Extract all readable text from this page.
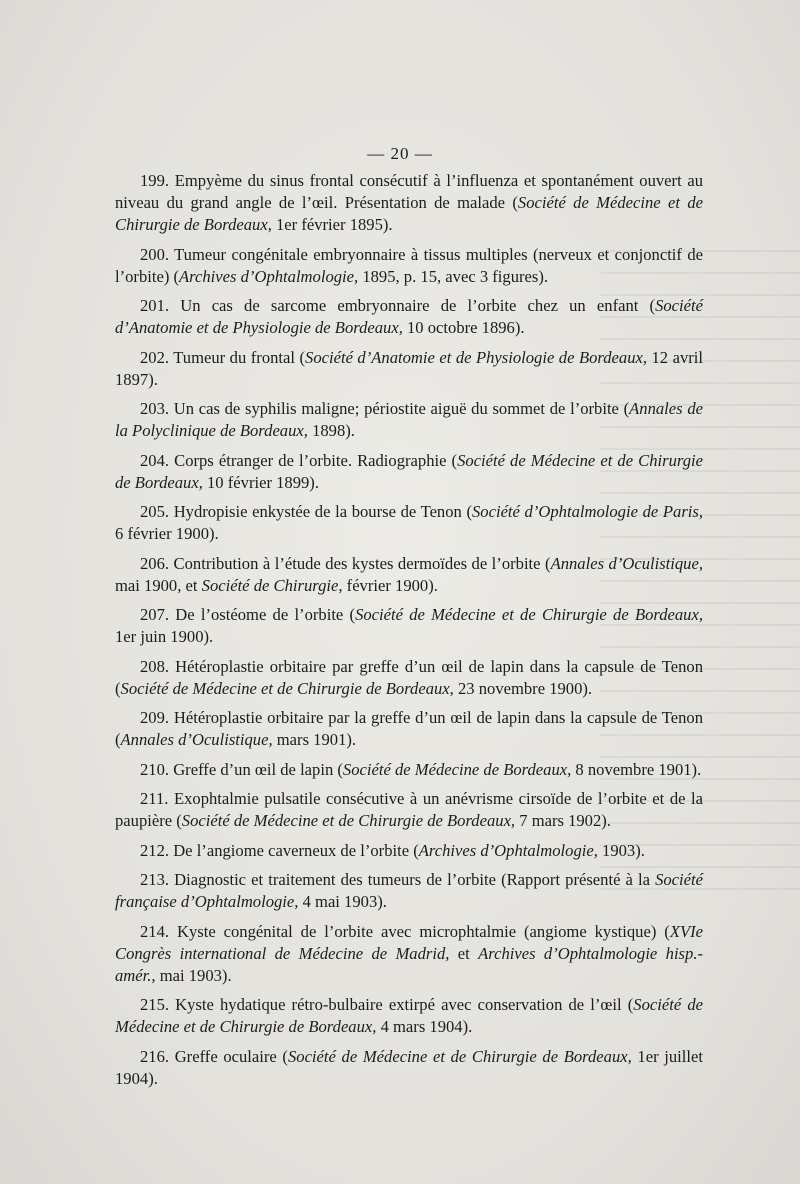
— 20 —

199. Empyème du sinus frontal consécutif à l’influenza et spontanément ouvert au niveau du grand angle de l’œil. Présentation de malade (Société de Médecine et de Chirurgie de Bordeaux, 1er février 1895).

200. Tumeur congénitale embryonnaire à tissus multiples (nerveux et conjonctif de l’orbite) (Archives d’Ophtalmologie, 1895, p. 15, avec 3 figures).

201. Un cas de sarcome embryonnaire de l’orbite chez un enfant (Société d’Anatomie et de Physiologie de Bordeaux, 10 octobre 1896).

202. Tumeur du frontal (Société d’Anatomie et de Physiologie de Bordeaux, 12 avril 1897).

203. Un cas de syphilis maligne; périostite aiguë du sommet de l’orbite (Annales de la Polyclinique de Bordeaux, 1898).

204. Corps étranger de l’orbite. Radiographie (Société de Médecine et de Chirurgie de Bordeaux, 10 février 1899).

205. Hydropisie enkystée de la bourse de Tenon (Société d’Ophtalmologie de Paris, 6 février 1900).

206. Contribution à l’étude des kystes dermoïdes de l’orbite (Annales d’Oculistique, mai 1900, et Société de Chirurgie, février 1900).

207. De l’ostéome de l’orbite (Société de Médecine et de Chirurgie de Bordeaux, 1er juin 1900).

208. Hétéroplastie orbitaire par greffe d’un œil de lapin dans la capsule de Tenon (Société de Médecine et de Chirurgie de Bordeaux, 23 novembre 1900).

209. Hétéroplastie orbitaire par la greffe d’un œil de lapin dans la capsule de Tenon (Annales d’Oculistique, mars 1901).

210. Greffe d’un œil de lapin (Société de Médecine de Bordeaux, 8 novembre 1901).

211. Exophtalmie pulsatile consécutive à un anévrisme cirsoïde de l’orbite et de la paupière (Société de Médecine et de Chirurgie de Bordeaux, 7 mars 1902).

212. De l’angiome caverneux de l’orbite (Archives d’Ophtalmologie, 1903).

213. Diagnostic et traitement des tumeurs de l’orbite (Rapport présenté à la Société française d’Ophtalmologie, 4 mai 1903).

214. Kyste congénital de l’orbite avec microphtalmie (angiome kystique) (XVIe Congrès international de Médecine de Madrid, et Archives d’Ophtalmologie hisp.-amér., mai 1903).

215. Kyste hydatique rétro-bulbaire extirpé avec conservation de l’œil (Société de Médecine et de Chirurgie de Bordeaux, 4 mars 1904).

216. Greffe oculaire (Société de Médecine et de Chirurgie de Bordeaux, 1er juillet 1904).
